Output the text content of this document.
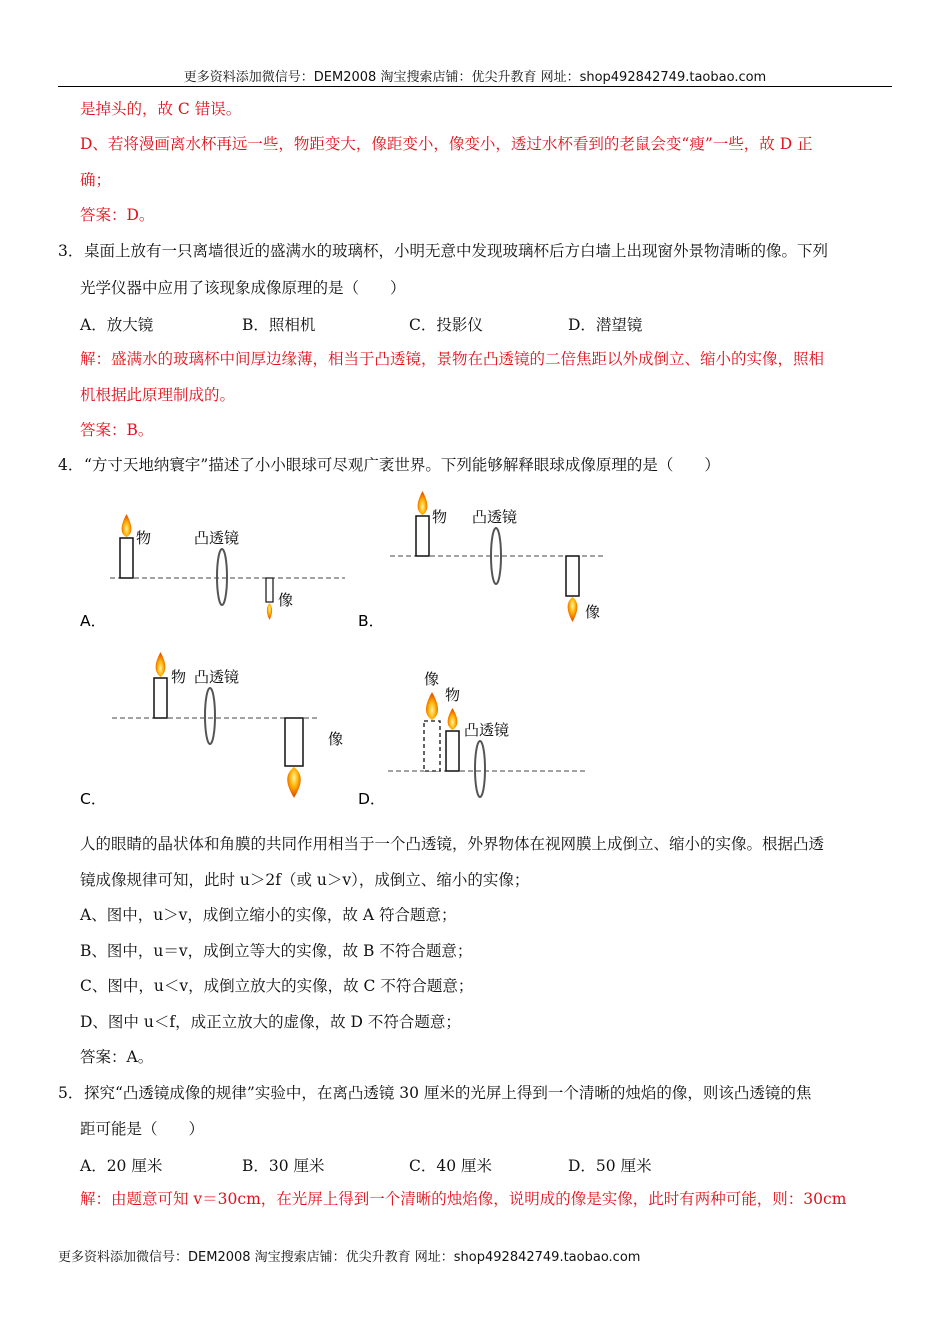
更多资料添加微信号：DEM2008 淘宝搜索店铺：优尖升教育 网址：shop492842749.taobao.com
是掉头的，故 C 错误。
D、若将漫画离水杯再远一些，物距变大，像距变小，像变小，透过水杯看到的老鼠会变“瘦”一些，故 D 正
确；
答案：D。
3． 桌面上放有一只离墙很近的盛满水的玻璃杯，小明无意中发现玻璃杯后方白墙上出现窗外景物清晰的像。下列
光学仪器中应用了该现象成像原理的是（　　）
A．放大镜	B．照相机	C．投影仪	D．潜望镜
解：盛满水的玻璃杯中间厚边缘薄，相当于凸透镜，景物在凸透镜的二倍焦距以外成倒立、缩小的实像，照相
机根据此原理制成的。
答案：B。
4． “方寸天地纳寰宇”描述了小小眼球可尽观广袤世界。下列能够解释眼球成像原理的是（　　）
物	凸透镜
像
物 凸透镜
像
物 凸透镜
像
像
物
凸透镜
A．	B．
C．	D．
人的眼睛的晶状体和角膜的共同作用相当于一个凸透镜，外界物体在视网膜上成倒立、缩小的实像。根据凸透
镜成像规律可知，此时 u＞2f（或 u＞v），成倒立、缩小的实像；
A、图中，u＞v，成倒立缩小的实像，故 A 符合题意；
B、图中，u＝v，成倒立等大的实像，故 B 不符合题意；
C、图中，u＜v，成倒立放大的实像，故 C 不符合题意；
D、图中 u＜f，成正立放大的虚像，故 D 不符合题意；
答案：A。
5． 探究“凸透镜成像的规律”实验中，在离凸透镜 30 厘米的光屏上得到一个清晰的烛焰的像，则该凸透镜的焦
距可能是（　　）
A．20 厘米	B．30 厘米	C．40 厘米	D．50 厘米
解：由题意可知 v＝30cm，在光屏上得到一个清晰的烛焰像，说明成的像是实像，此时有两种可能，则：30cm
更多资料添加微信号：DEM2008 淘宝搜索店铺：优尖升教育 网址：shop492842749.taobao.com
